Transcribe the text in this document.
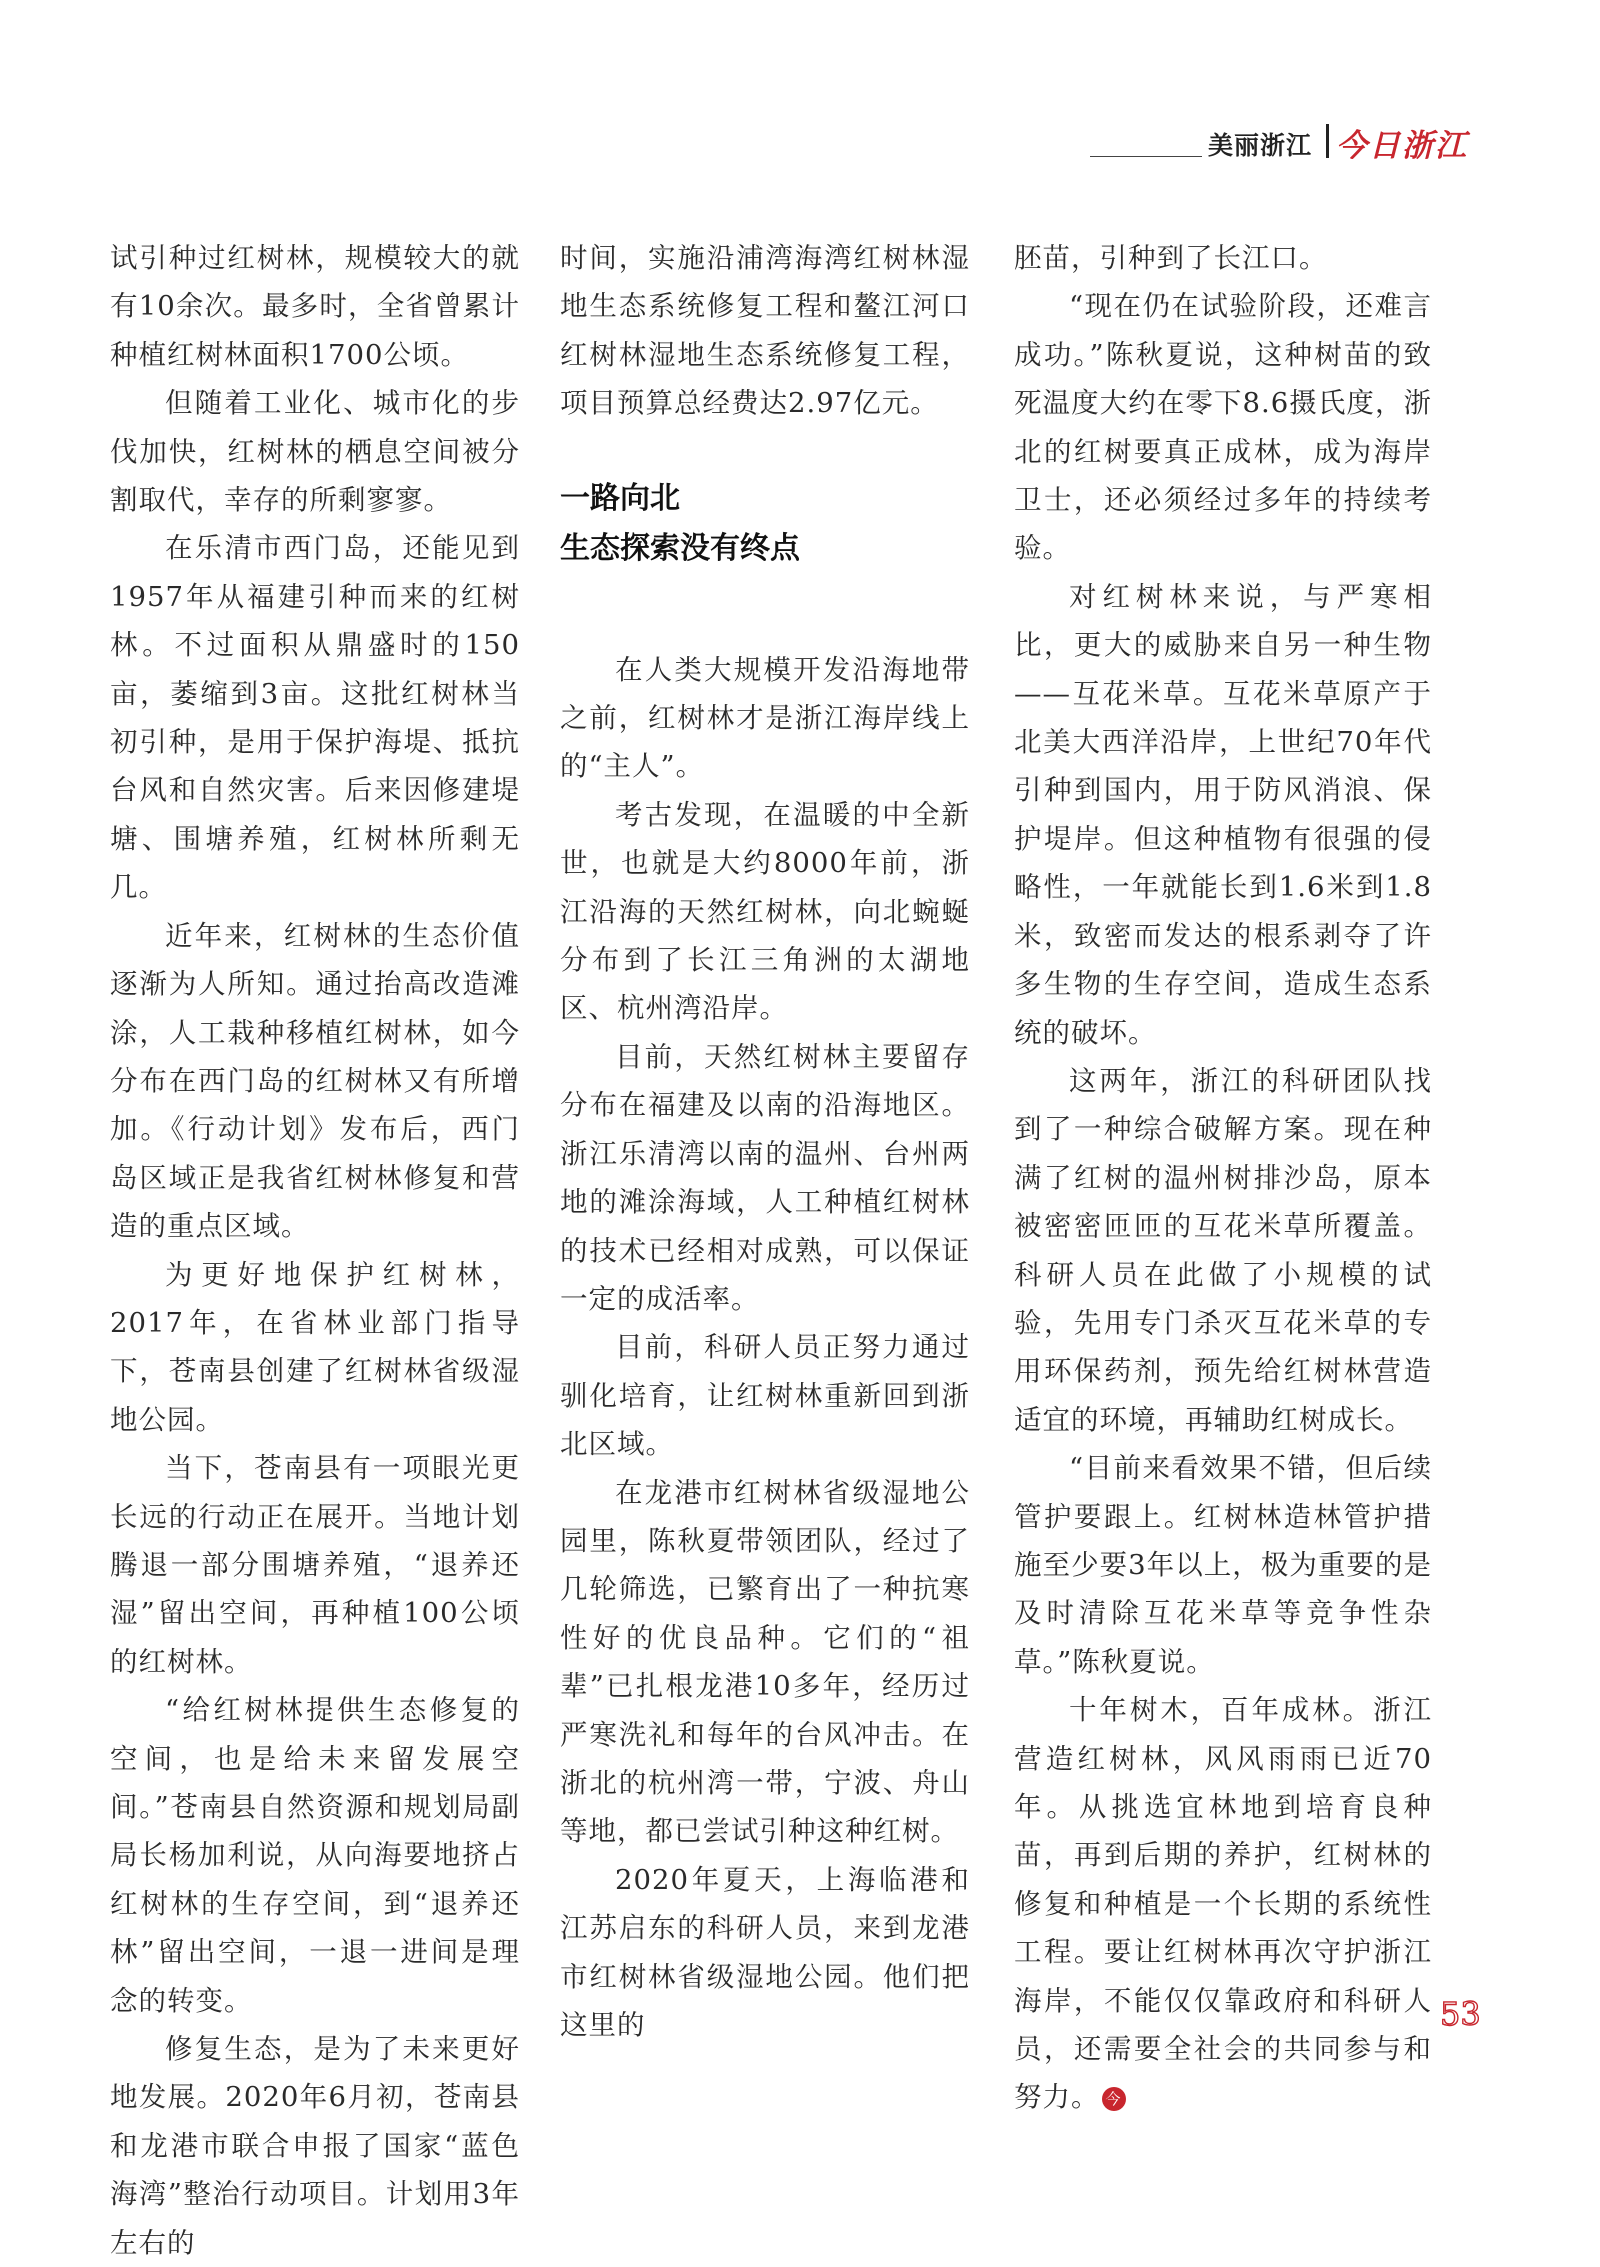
美丽浙江 今日浙江

试引种过红树林，规模较大的就有10余次。最多时，全省曾累计种植红树林面积1700公顷。

但随着工业化、城市化的步伐加快，红树林的栖息空间被分割取代，幸存的所剩寥寥。

在乐清市西门岛，还能见到1957年从福建引种而来的红树林。不过面积从鼎盛时的150亩，萎缩到3亩。这批红树林当初引种，是用于保护海堤、抵抗台风和自然灾害。后来因修建堤塘、围塘养殖，红树林所剩无几。

近年来，红树林的生态价值逐渐为人所知。通过抬高改造滩涂，人工栽种移植红树林，如今分布在西门岛的红树林又有所增加。《行动计划》发布后，西门岛区域正是我省红树林修复和营造的重点区域。

为更好地保护红树林，2017年，在省林业部门指导下，苍南县创建了红树林省级湿地公园。

当下，苍南县有一项眼光更长远的行动正在展开。当地计划腾退一部分围塘养殖，“退养还湿”留出空间，再种植100公顷的红树林。

“给红树林提供生态修复的空间，也是给未来留发展空间。”苍南县自然资源和规划局副局长杨加利说，从向海要地挤占红树林的生存空间，到“退养还林”留出空间，一退一进间是理念的转变。

修复生态，是为了未来更好地发展。2020年6月初，苍南县和龙港市联合申报了国家“蓝色海湾”整治行动项目。计划用3年左右的

时间，实施沿浦湾海湾红树林湿地生态系统修复工程和鳌江河口红树林湿地生态系统修复工程，项目预算总经费达2.97亿元。

一路向北
生态探索没有终点

在人类大规模开发沿海地带之前，红树林才是浙江海岸线上的“主人”。

考古发现，在温暖的中全新世，也就是大约8000年前，浙江沿海的天然红树林，向北蜿蜒分布到了长江三角洲的太湖地区、杭州湾沿岸。

目前，天然红树林主要留存分布在福建及以南的沿海地区。浙江乐清湾以南的温州、台州两地的滩涂海域，人工种植红树林的技术已经相对成熟，可以保证一定的成活率。

目前，科研人员正努力通过驯化培育，让红树林重新回到浙北区域。

在龙港市红树林省级湿地公园里，陈秋夏带领团队，经过了几轮筛选，已繁育出了一种抗寒性好的优良品种。它们的“祖辈”已扎根龙港10多年，经历过严寒洗礼和每年的台风冲击。在浙北的杭州湾一带，宁波、舟山等地，都已尝试引种这种红树。

2020年夏天，上海临港和江苏启东的科研人员，来到龙港市红树林省级湿地公园。他们把这里的

胚苗，引种到了长江口。

“现在仍在试验阶段，还难言成功。”陈秋夏说，这种树苗的致死温度大约在零下8.6摄氏度，浙北的红树要真正成林，成为海岸卫士，还必须经过多年的持续考验。

对红树林来说，与严寒相比，更大的威胁来自另一种生物——互花米草。互花米草原产于北美大西洋沿岸，上世纪70年代引种到国内，用于防风消浪、保护堤岸。但这种植物有很强的侵略性，一年就能长到1.6米到1.8米，致密而发达的根系剥夺了许多生物的生存空间，造成生态系统的破坏。

这两年，浙江的科研团队找到了一种综合破解方案。现在种满了红树的温州树排沙岛，原本被密密匝匝的互花米草所覆盖。科研人员在此做了小规模的试验，先用专门杀灭互花米草的专用环保药剂，预先给红树林营造适宜的环境，再辅助红树成长。

“目前来看效果不错，但后续管护要跟上。红树林造林管护措施至少要3年以上，极为重要的是及时清除互花米草等竞争性杂草。”陈秋夏说。

十年树木，百年成林。浙江营造红树林，风风雨雨已近70年。从挑选宜林地到培育良种苗，再到后期的养护，红树林的修复和种植是一个长期的系统性工程。要让红树林再次守护浙江海岸，不能仅仅靠政府和科研人员，还需要全社会的共同参与和努力。 今

53
